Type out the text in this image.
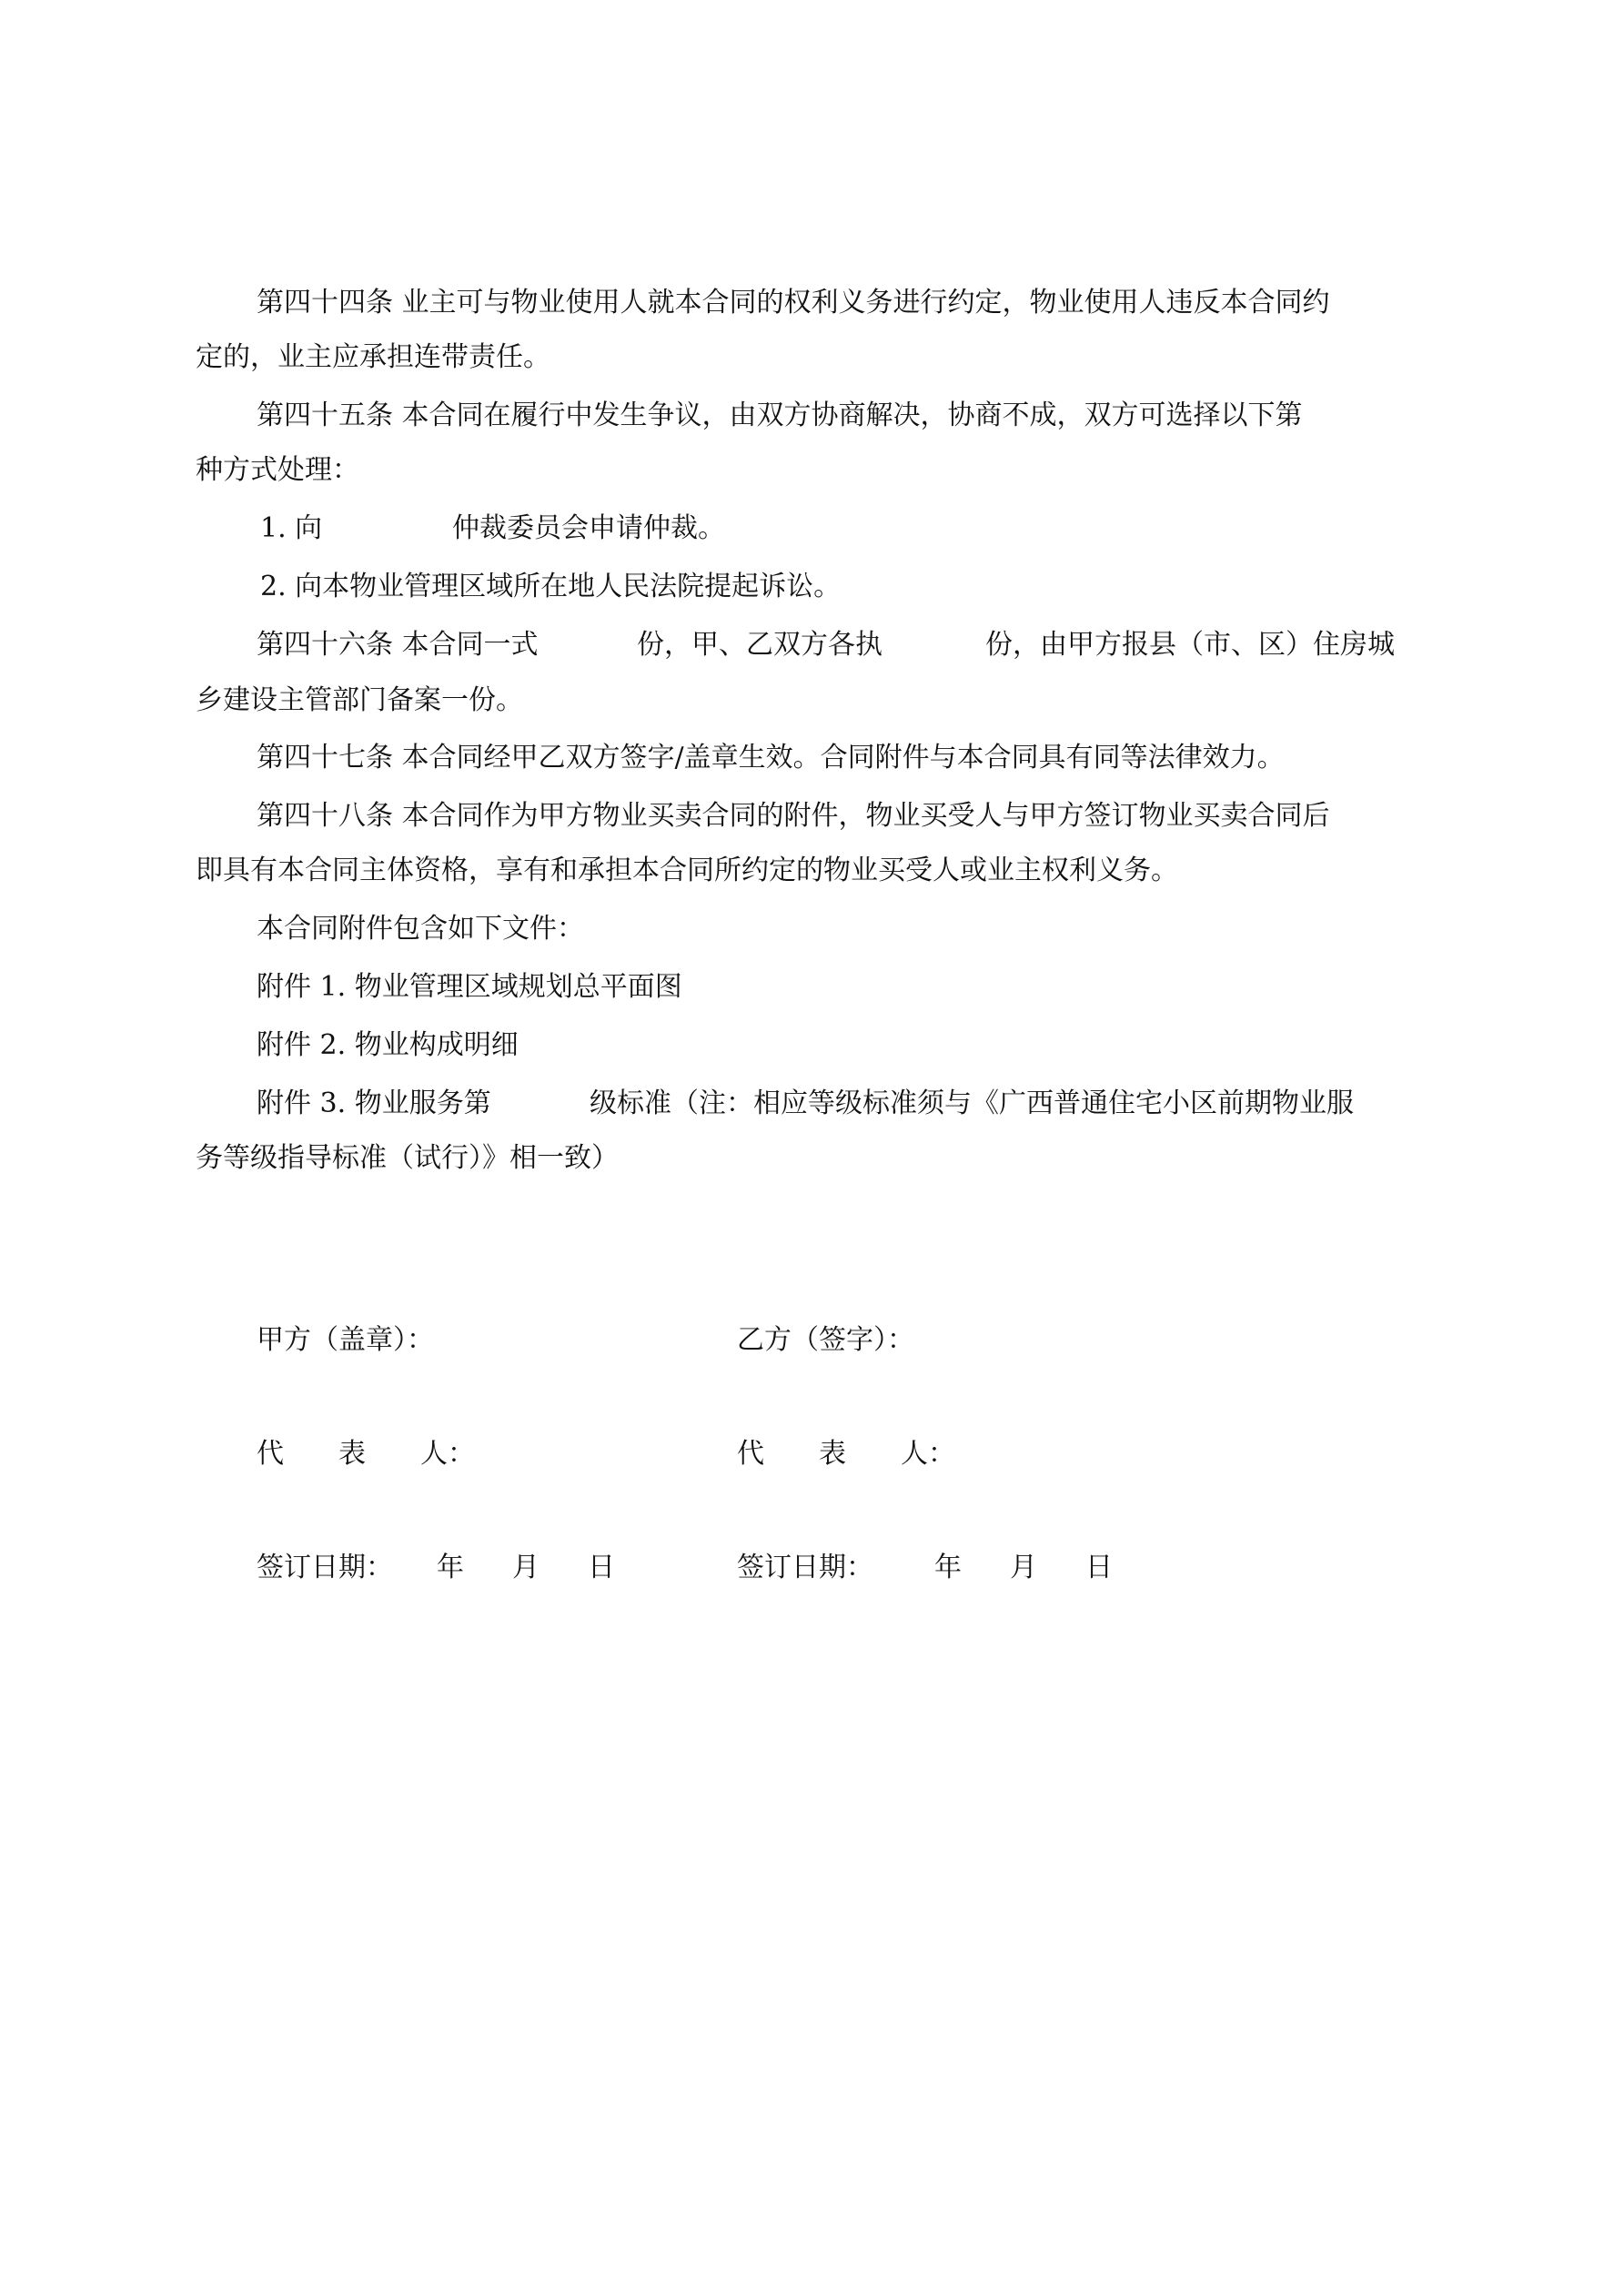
第四十四条 业主可与物业使用人就本合同的权利义务进行约定，物业使用人违反本合同约
定的，业主应承担连带责任。
第四十五条 本合同在履行中发生争议，由双方协商解决，协商不成，双方可选择以下第
种方式处理：
1. 向	仲裁委员会申请仲裁。
2. 向本物业管理区域所在地人民法院提起诉讼。
第四十六条 本合同一式	份，甲、乙双方各执	份，由甲方报县（市、区）住房城
乡建设主管部门备案一份。
第四十七条 本合同经甲乙双方签字/盖章生效。合同附件与本合同具有同等法律效力。
第四十八条 本合同作为甲方物业买卖合同的附件，物业买受人与甲方签订物业买卖合同后
即具有本合同主体资格，享有和承担本合同所约定的物业买受人或业主权利义务。
本合同附件包含如下文件：
附件 1. 物业管理区域规划总平面图
附件 2. 物业构成明细
附件 3. 物业服务第	级标准（注：相应等级标准须与《广西普通住宅小区前期物业服
务等级指导标准（试行）》相一致）
甲方（盖章）：	乙方（签字）：
代　　表　　人：	代　　表　　人：
签订日期： 年 月 日	签订日期： 年 月 日
